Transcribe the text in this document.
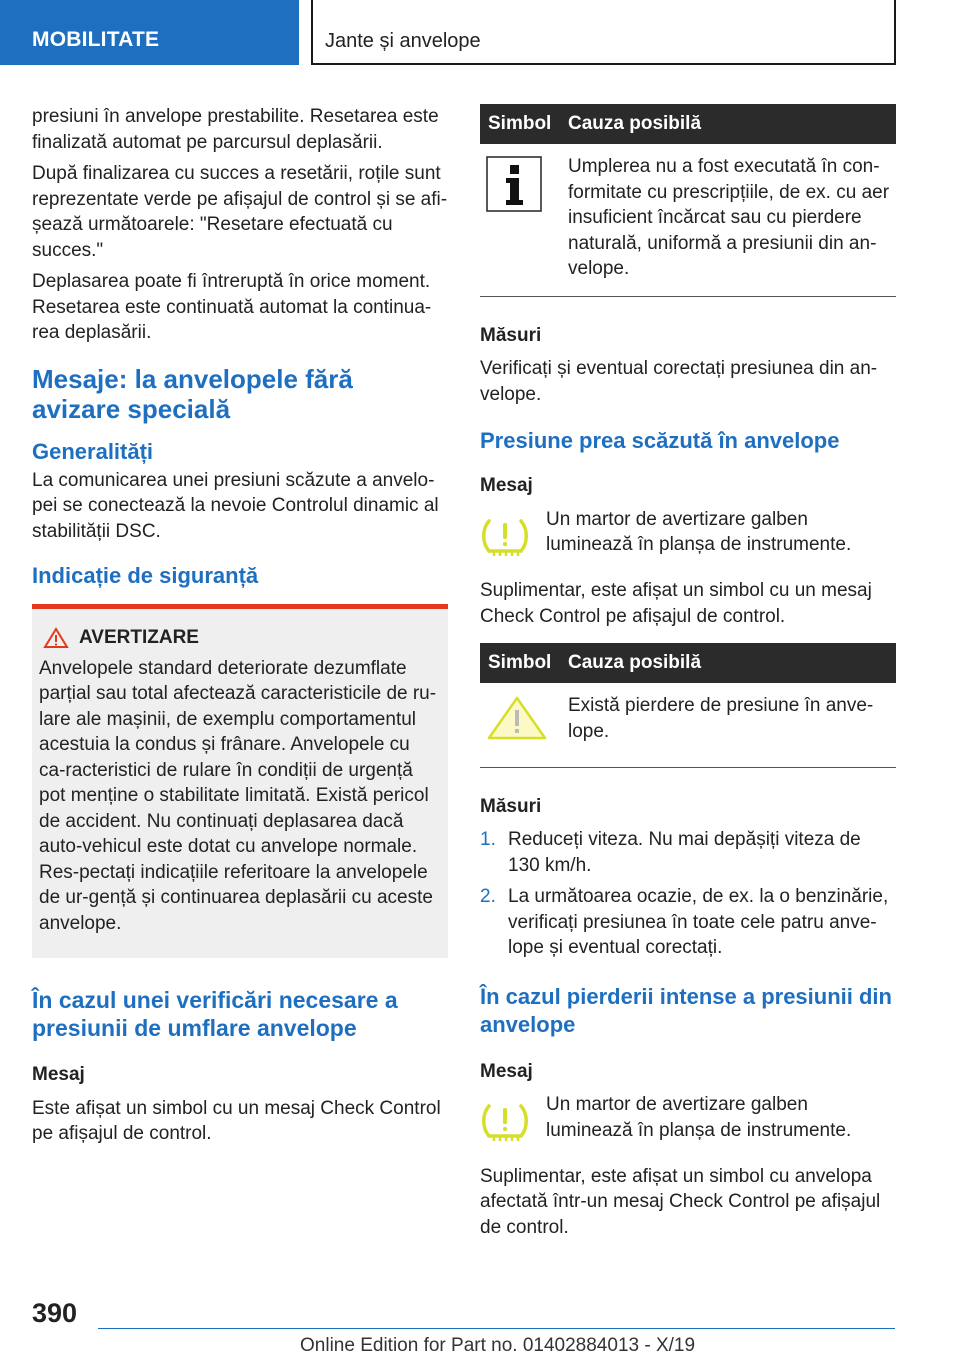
MOBILITATE	Jante și anvelope
presiuni în anvelope prestabilite. Resetarea este finalizată automat pe parcursul deplasării.
După finalizarea cu succes a resetării, roțile sunt reprezentate verde pe afișajul de control și se afi‐șează următoarele: "Resetare efectuată cu succes."
Deplasarea poate fi întreruptă în orice moment. Resetarea este continuată automat la continua‐rea deplasării.
Mesaje: la anvelopele fără avizare specială
Generalități
La comunicarea unei presiuni scăzute a anvelo‐pei se conectează la nevoie Controlul dinamic al stabilității DSC.
Indicație de siguranță
AVERTIZARE
Anvelopele standard deteriorate dezumflate parțial sau total afectează caracteristicile de ru‐lare ale mașinii, de exemplu comportamentul acestuia la condus și frânare. Anvelopele cu ca‐racteristici de rulare în condiții de urgență pot menține o stabilitate limitată. Există pericol de accident. Nu continuați deplasarea dacă auto‐vehicul este dotat cu anvelope normale. Res‐pectați indicațiile referitoare la anvelopele de ur‐gență și continuarea deplasării cu aceste anvelope.
În cazul unei verificări necesare a presiunii de umflare anvelope
Mesaj
Este afișat un simbol cu un mesaj Check Control pe afișajul de control.
Simbol Cauza posibilă
Umplerea nu a fost executată în con‐formitate cu prescripțiile, de ex. cu aer insuficient încărcat sau cu pierdere naturală, uniformă a presiunii din an‐velope.
Măsuri
Verificați și eventual corectați presiunea din an‐velope.
Presiune prea scăzută în anvelope
Mesaj
Un martor de avertizare galben luminează în planșa de instrumente.
Suplimentar, este afișat un simbol cu un mesaj Check Control pe afișajul de control.
Simbol Cauza posibilă
Există pierdere de presiune în anve‐lope.
Măsuri
1. Reduceți viteza. Nu mai depășiți viteza de 130 km/h.
2. La următoarea ocazie, de ex. la o benzinărie, verificați presiunea în toate cele patru anve‐lope și eventual corectați.
În cazul pierderii intense a presiunii din anvelope
Mesaj
Un martor de avertizare galben luminează în planșa de instrumente.
Suplimentar, este afișat un simbol cu anvelopa afectată într-un mesaj Check Control pe afișajul de control.
390
Online Edition for Part no. 01402884013 - X/19
